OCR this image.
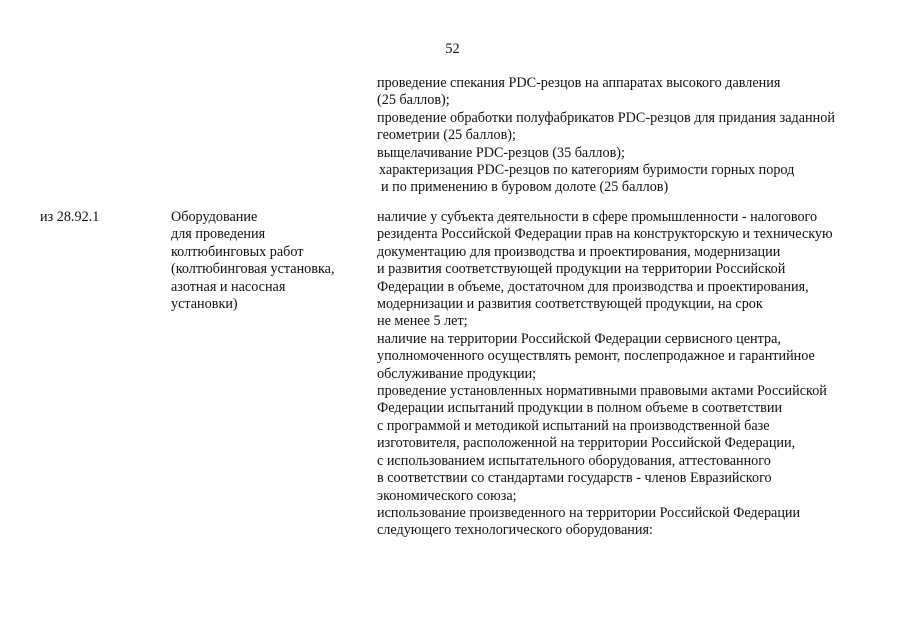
52
проведение спекания PDC-резцов на аппаратах высокого давления
(25 баллов);
проведение обработки полуфабрикатов PDC-резцов для придания заданной
геометрии (25 баллов);
выщелачивание PDC-резцов (35 баллов);
характеризация PDC-резцов по категориям буримости горных пород
и по применению в буровом долоте (25 баллов)
из 28.92.1	Оборудование
для проведения
колтюбинговых работ
(колтюбинговая установка,
азотная и насосная
установки)
наличие у субъекта деятельности в сфере промышленности - налогового
резидента Российской Федерации прав на конструкторскую и техническую
документацию для производства и проектирования, модернизации
и развития соответствующей продукции на территории Российской
Федерации в объеме, достаточном для производства и проектирования,
модернизации и развития соответствующей продукции, на срок
не менее 5 лет;
наличие на территории Российской Федерации сервисного центра,
уполномоченного осуществлять ремонт, послепродажное и гарантийное
обслуживание продукции;
проведение установленных нормативными правовыми актами Российской
Федерации испытаний продукции в полном объеме в соответствии
с программой и методикой испытаний на производственной базе
изготовителя, расположенной на территории Российской Федерации,
с использованием испытательного оборудования, аттестованного
в соответствии со стандартами государств - членов Евразийского
экономического союза;
использование произведенного на территории Российской Федерации
следующего технологического оборудования:
